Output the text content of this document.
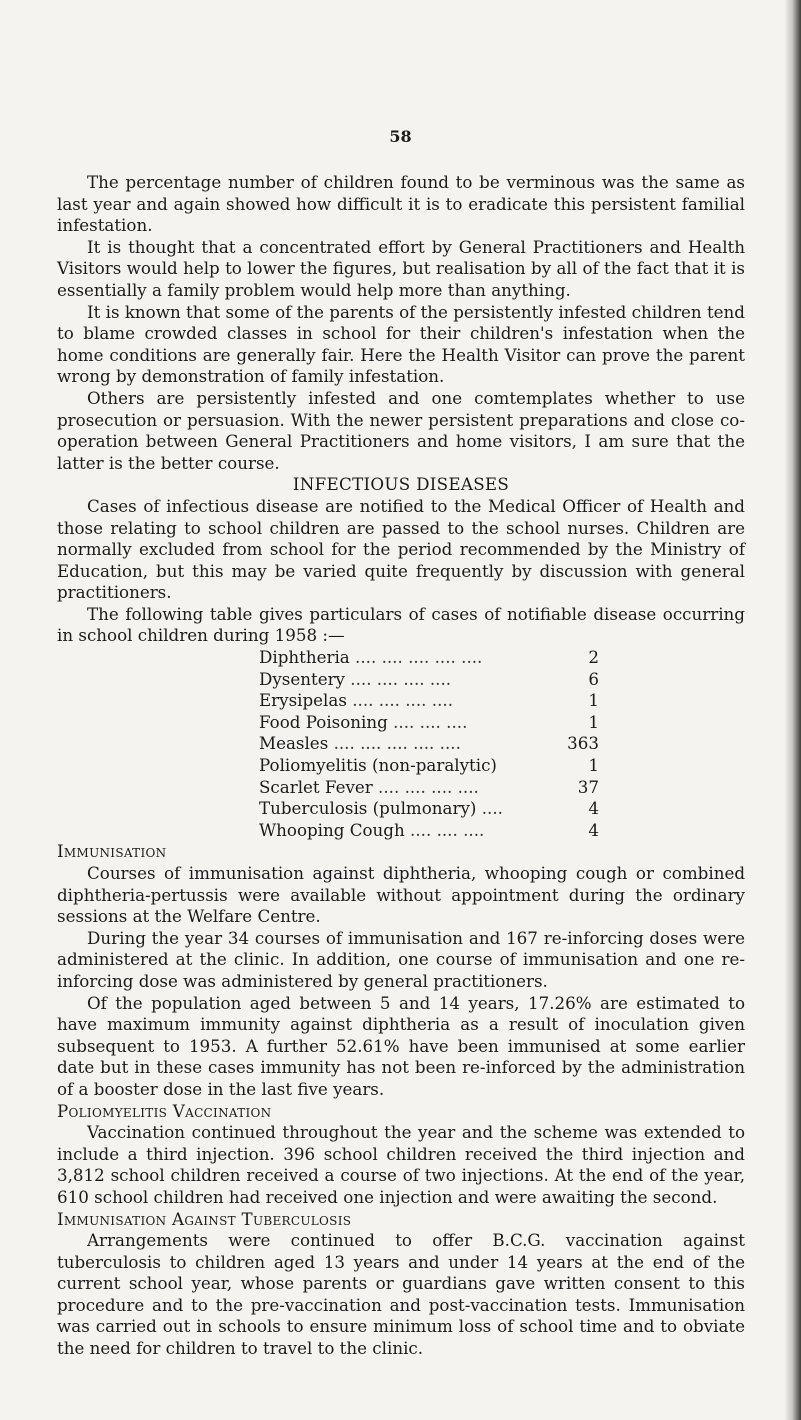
58

The percentage number of children found to be verminous was the same as last year and again showed how difficult it is to eradicate this persistent familial infestation.

It is thought that a concentrated effort by General Practitioners and Health Visitors would help to lower the figures, but realisation by all of the fact that it is essentially a family problem would help more than anything.

It is known that some of the parents of the persistently infested children tend to blame crowded classes in school for their children's infestation when the home conditions are generally fair. Here the Health Visitor can prove the parent wrong by demonstration of family infestation.

Others are persistently infested and one comtemplates whether to use prosecution or persuasion. With the newer persistent preparations and close co-operation between General Practitioners and home visitors, I am sure that the latter is the better course.

INFECTIOUS DISEASES

Cases of infectious disease are notified to the Medical Officer of Health and those relating to school children are passed to the school nurses. Children are normally excluded from school for the period recommended by the Ministry of Education, but this may be varied quite frequently by discussion with general practitioners.

The following table gives particulars of cases of notifiable disease occurring in school children during 1958 :—

Diphtheria .... .... .... .... ....	2
Dysentery .... .... .... ....	6
Erysipelas .... .... .... ....	1
Food Poisoning .... .... ....	1
Measles .... .... .... .... ....	363
Poliomyelitis (non-paralytic)	1
Scarlet Fever .... .... .... ....	37
Tuberculosis (pulmonary) ....	4
Whooping Cough .... .... ....	4
Immunisation

Courses of immunisation against diphtheria, whooping cough or combined diphtheria-pertussis were available without appointment during the ordinary sessions at the Welfare Centre.

During the year 34 courses of immunisation and 167 re-inforcing doses were administered at the clinic. In addition, one course of immunisation and one re-inforcing dose was administered by general practitioners.

Of the population aged between 5 and 14 years, 17.26% are estimated to have maximum immunity against diphtheria as a result of inoculation given subsequent to 1953. A further 52.61% have been immunised at some earlier date but in these cases immunity has not been re-inforced by the administration of a booster dose in the last five years.

Poliomyelitis Vaccination

Vaccination continued throughout the year and the scheme was extended to include a third injection. 396 school children received the third injection and 3,812 school children received a course of two injections. At the end of the year, 610 school children had received one injection and were awaiting the second.

Immunisation Against Tuberculosis

Arrangements were continued to offer B.C.G. vaccination against tuberculosis to children aged 13 years and under 14 years at the end of the current school year, whose parents or guardians gave written consent to this procedure and to the pre-vaccination and post-vaccination tests. Immunisation was carried out in schools to ensure minimum loss of school time and to obviate the need for children to travel to the clinic.
